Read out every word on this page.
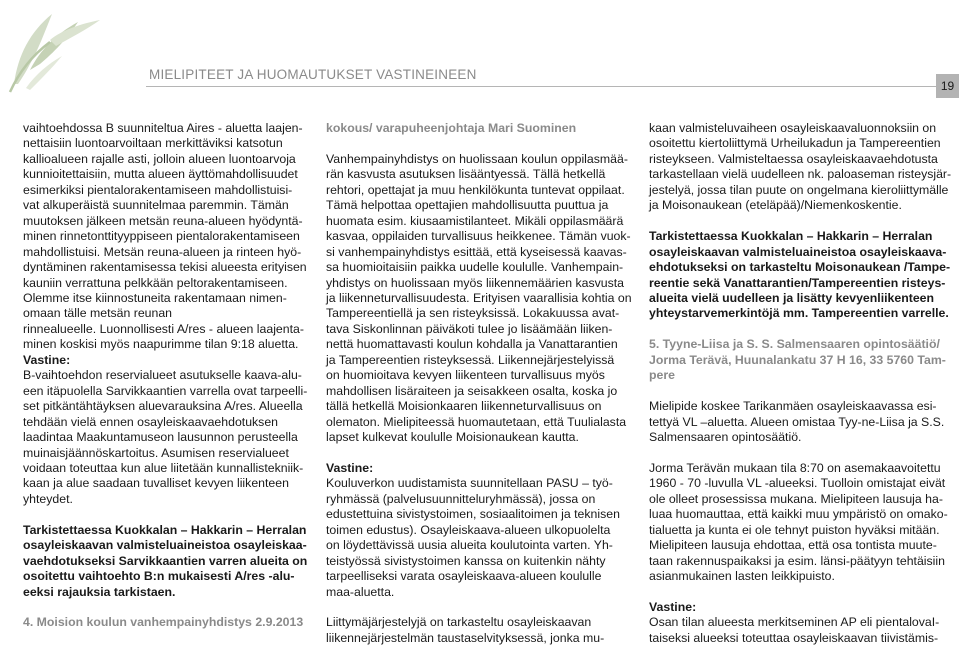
MIELIPITEET JA HUOMAUTUKSET VASTINEINEEN
19

vaihtoehdossa B suunniteltua Aires - aluetta laajen-
nettaisiin luontoarvoiltaan merkittäviksi katsotun
kallioalueen rajalle asti, jolloin alueen luontoarvoja
kunnioitettaisiin, mutta alueen äyttömahdollisuudet
esimerkiksi pientalorakentamiseen mahdollistuisi-
vat alkuperäistä suunnitelmaa paremmin. Tämän
muutoksen jälkeen metsän reuna-alueen hyödyntä-
minen rinnetonttityyppiseen pientalorakentamiseen
mahdollistuisi. Metsän reuna-alueen ja rinteen hyö-
dyntäminen rakentamisessa tekisi alueesta erityisen
kauniin verrattuna pelkkään peltorakentamiseen.
Olemme itse kiinnostuneita rakentamaan nimen-
omaan tälle metsän reunan
rinnealueelle. Luonnollisesti A/res - alueen laajenta-
minen koskisi myös naapurimme tilan 9:18 aluetta.

Vastine:

B-vaihtoehdon reservialueet asutukselle kaava-alu-
een itäpuolella Sarvikkaantien varrella ovat tarpeelli-
set pitkäntähtäyksen aluevarauksina A/res. Alueella
tehdään vielä ennen osayleiskaavaehdotuksen
laadintaa Maakuntamuseon lausunnon perusteella
muinaisjäännöskartoitus. Asumisen reservialueet
voidaan toteuttaa kun alue liitetään kunnallistekniik-
kaan ja alue saadaan tuvalliset kevyen liikenteen
yhteydet.

Tarkistettaessa Kuokkalan – Hakkarin – Herralan
osayleiskaavan valmisteluaineistoa osayleiskaa-
vaehdotukseksi Sarvikkaantien varren alueita on
osoitettu vaihtoehto B:n mukaisesti A/res -alu-
eeksi rajauksia tarkistaen.

4. Moision koulun vanhempainyhdistys 2.9.2013
kokous/ varapuheenjohtaja Mari Suominen

Vanhempainyhdistys on huolissaan koulun oppilasmää-
rän kasvusta asutuksen lisääntyessä. Tällä hetkellä
rehtori, opettajat ja muu henkilökunta tuntevat oppilaat.
Tämä helpottaa opettajien mahdollisuutta puuttua ja
huomata esim. kiusaamistilanteet. Mikäli oppilasmäärä
kasvaa, oppilaiden turvallisuus heikkenee. Tämän vuok-
si vanhempainyhdistys esittää, että kyseisessä kaavas-
sa huomioitaisiin paikka uudelle koululle. Vanhempain-
yhdistys on huolissaan myös liikennemäärien kasvusta
ja liikenneturvallisuudesta. Erityisen vaarallisia kohtia on
Tampereentiellä ja sen risteyksissä. Lokakuussa avat-
tava Siskonlinnan päiväkoti tulee jo lisäämään liiken-
nettä huomattavasti koulun kohdalla ja Vanattarantien
ja Tampereentien risteyksessä. Liikennejärjestelyissä
on huomioitava kevyen liikenteen turvallisuus myös
mahdollisen lisäraiteen ja seisakkeen osalta, koska jo
tällä hetkellä Moisionkaaren liikenneturvallisuus on
olematon. Mielipiteessä huomautetaan, että Tuulialasta
lapset kulkevat koululle Moisionaukean kautta.

Vastine:

Kouluverkon uudistamista suunnitellaan PASU – työ-
ryhmässä (palvelusuunnitteluryhmässä), jossa on
edustettuina sivistystoimen, sosiaalitoimen ja teknisen
toimen edustus). Osayleiskaava-alueen ulkopuolelta
on löydettävissä uusia alueita koulutointa varten. Yh-
teistyössä sivistystoimen kanssa on kuitenkin nähty
tarpeelliseksi varata osayleiskaava-alueen koululle
maa-aluetta.

Liittymäjärjestelyjä on tarkasteltu osayleiskaavan
liikennejärjestelmän taustaselvityksessä, jonka mu-

kaan valmisteluvaiheen osayleiskaavaluonnoksiin on
osoitettu kiertoliittymä Urheilukadun ja Tampereentien
risteykseen. Valmisteltaessa osayleiskaavaehdotusta
tarkastellaan vielä uudelleen nk. paloaseman risteysjär-
jestelyä, jossa tilan puute on ongelmana kieroliittymälle
ja Moisonaukean (eteläpää)/Niemenkoskentie.

Tarkistettaessa Kuokkalan – Hakkarin – Herralan
osayleiskaavan valmisteluaineistoa osayleiskaava-
ehdotukseksi on tarkasteltu Moisonaukean /Tampe-
reentie sekä Vanattarantien/Tampereentien risteys-
alueita vielä uudelleen ja lisätty kevyenliikenteen
yhteystarvemerkintöjä mm. Tampereentien varrelle.

5. Tyyne-Liisa ja S. S. Salmensaaren opintosäätiö/
Jorma Terävä, Huunalankatu 37 H 16, 33 5760 Tam-
pere

Mielipide koskee Tarikanmäen osayleiskaavassa esi-
tettyä VL –aluetta. Alueen omistaa Tyy-ne-Liisa ja S.S.
Salmensaaren opintosäätiö.

Jorma Terävän mukaan tila 8:70 on asemakaavoitettu
1960 - 70 -luvulla VL -alueeksi. Tuolloin omistajat eivät
ole olleet prosessissa mukana. Mielipiteen lausuja ha-
luaa huomauttaa, että kaikki muu ympäristö on omako-
tialuetta ja kunta ei ole tehnyt puiston hyväksi mitään.
Mielipiteen lausuja ehdottaa, että osa tontista muute-
taan rakennuspaikaksi ja esim. länsi-päätyyn tehtäisiin
asianmukainen lasten leikkipuisto.

Vastine:

Osan tilan alueesta merkitseminen AP eli pientalovaI-
taiseksi alueeksi toteuttaa osayleiskaavan tiivistämis-
